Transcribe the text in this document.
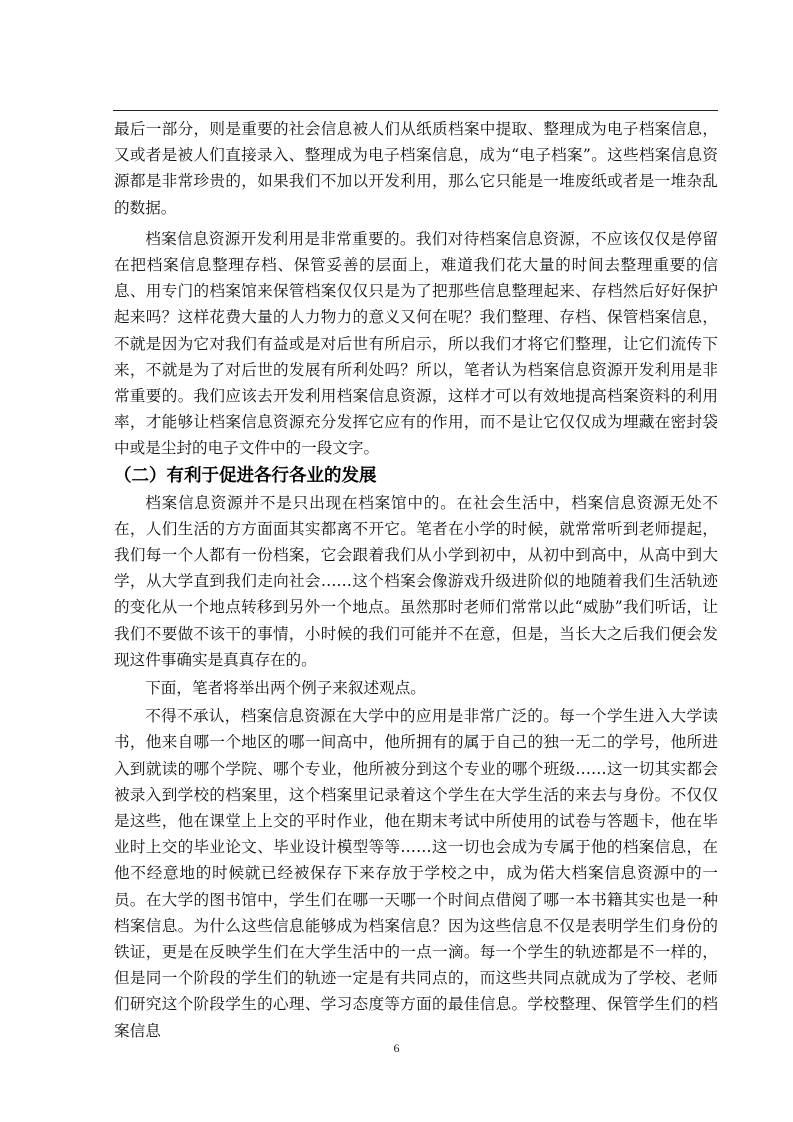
最后一部分，则是重要的社会信息被人们从纸质档案中提取、整理成为电子档案信息，又或者是被人们直接录入、整理成为电子档案信息，成为“电子档案”。这些档案信息资源都是非常珍贵的，如果我们不加以开发利用，那么它只能是一堆废纸或者是一堆杂乱的数据。

档案信息资源开发利用是非常重要的。我们对待档案信息资源，不应该仅仅是停留在把档案信息整理存档、保管妥善的层面上，难道我们花大量的时间去整理重要的信息、用专门的档案馆来保管档案仅仅只是为了把那些信息整理起来、存档然后好好保护起来吗？这样花费大量的人力物力的意义又何在呢？我们整理、存档、保管档案信息，不就是因为它对我们有益或是对后世有所启示，所以我们才将它们整理，让它们流传下来，不就是为了对后世的发展有所利处吗？所以，笔者认为档案信息资源开发利用是非常重要的。我们应该去开发利用档案信息资源，这样才可以有效地提高档案资料的利用率，才能够让档案信息资源充分发挥它应有的作用，而不是让它仅仅成为埋藏在密封袋中或是尘封的电子文件中的一段文字。

（二）有利于促进各行各业的发展

档案信息资源并不是只出现在档案馆中的。在社会生活中，档案信息资源无处不在，人们生活的方方面面其实都离不开它。笔者在小学的时候，就常常听到老师提起，我们每一个人都有一份档案，它会跟着我们从小学到初中，从初中到高中，从高中到大学，从大学直到我们走向社会……这个档案会像游戏升级进阶似的地随着我们生活轨迹的变化从一个地点转移到另外一个地点。虽然那时老师们常常以此“威胁”我们听话，让我们不要做不该干的事情，小时候的我们可能并不在意，但是，当长大之后我们便会发现这件事确实是真真存在的。

下面，笔者将举出两个例子来叙述观点。

不得不承认，档案信息资源在大学中的应用是非常广泛的。每一个学生进入大学读书，他来自哪一个地区的哪一间高中，他所拥有的属于自己的独一无二的学号，他所进入到就读的哪个学院、哪个专业，他所被分到这个专业的哪个班级……这一切其实都会被录入到学校的档案里，这个档案里记录着这个学生在大学生活的来去与身份。不仅仅是这些，他在课堂上上交的平时作业，他在期末考试中所使用的试卷与答题卡，他在毕业时上交的毕业论文、毕业设计模型等等……这一切也会成为专属于他的档案信息，在他不经意地的时候就已经被保存下来存放于学校之中，成为偌大档案信息资源中的一员。在大学的图书馆中，学生们在哪一天哪一个时间点借阅了哪一本书籍其实也是一种档案信息。为什么这些信息能够成为档案信息？因为这些信息不仅是表明学生们身份的铁证，更是在反映学生们在大学生活中的一点一滴。每一个学生的轨迹都是不一样的，但是同一个阶段的学生们的轨迹一定是有共同点的，而这些共同点就成为了学校、老师们研究这个阶段学生的心理、学习态度等方面的最佳信息。学校整理、保管学生们的档案信息

6
